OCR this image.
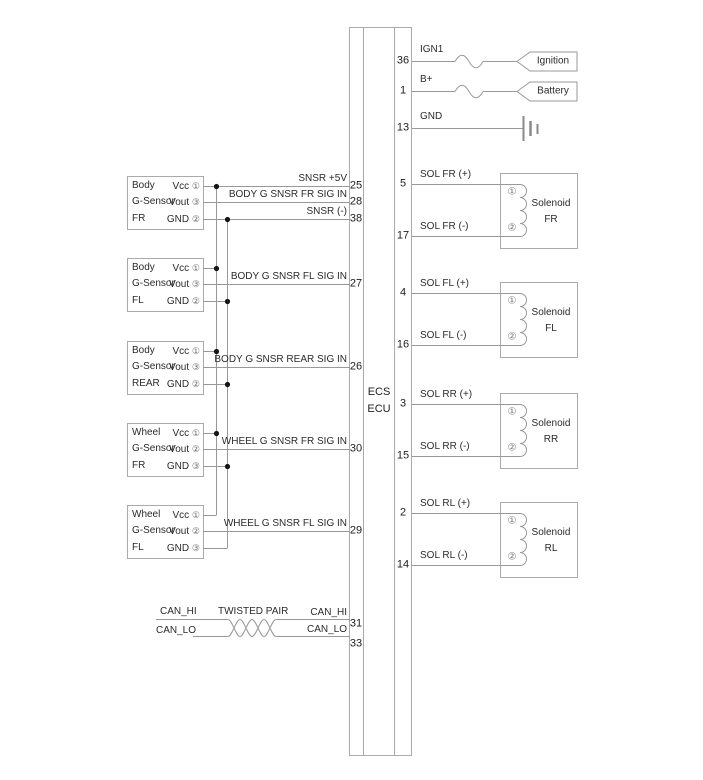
ECS
ECU
IGN1
36	Ignition
B+
1	Battery
GND
13
Body
G-Sensor
FR
Vcc ①
Vout ③
GND ②
SNSR +5V
BODY G SNSR FR SIG IN
SNSR (-)
25
28
38
Body
G-Sensor
FL
Vcc ①
Vout ③
GND ②
BODY G SNSR FL SIG IN
27
Body
G-Sensor
REAR
Vcc ①
Vout ③
GND ②
BODY G SNSR REAR SIG IN
26
Wheel
G-Sensor
FR
Vcc ①
Vout ②
GND ③
WHEEL G SNSR FR SIG IN
30
Wheel
G-Sensor
FL
Vcc ①
Vout ②
GND ③
WHEEL G SNSR FL SIG IN
29
SOL FR (+)
SOL FR (-)
5
17
①
②
Solenoid
FR
SOL FL (+)
SOL FL (-)
4
16
①
②
Solenoid
FL
SOL RR (+)
SOL RR (-)
3
15
①
②
Solenoid
RR
SOL RL (+)
SOL RL (-)
2
14
①
②
Solenoid
RL
CAN_HI
CAN_LO
TWISTED PAIR CAN_HI
CAN_LO 31
33
